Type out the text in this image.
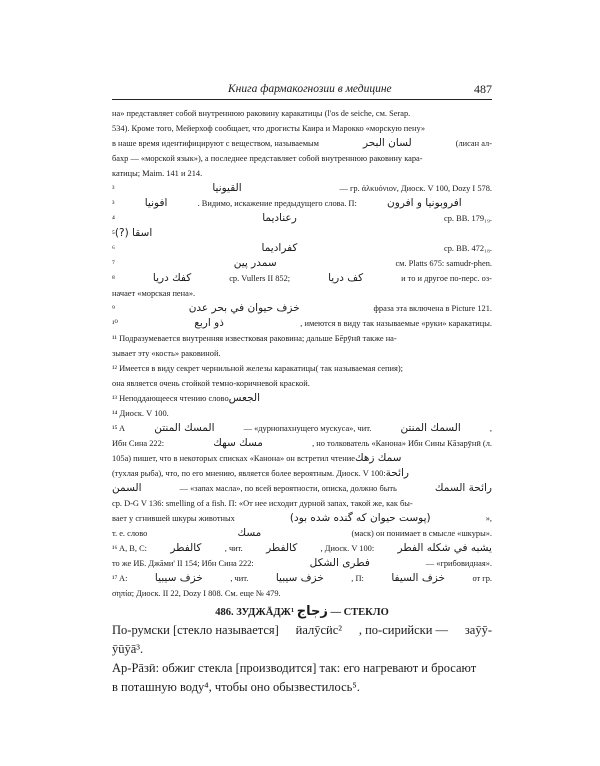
Книга фармакогнозии в медицине	487
на» представляет собой внутреннюю раковину каракатицы (l'os de seiche, см. Serap.
534). Кроме того, Мейерхоф сообщает, что дрогисты Каира и Марокко «морскую пену»
в наше время идентифицируют с веществом, называемым	لسان البحر	(лисан ал-
бахр — «морской язык»), а последнее представляет собой внутреннюю раковину кара-
катицы; Maim. 141 и 214.
³	القيونيا	— гр. ἀλκυόνιον, Диоск. V 100, Dozy I 578.
³	افونيا	. Видимо, искажение предыдущего слова. П:	افروبونيا و افرون
⁴	رعناديما	ср. BB. 179₁₉.
⁵اسقا (?)
⁶	كفراديما	ср. BB. 472₁₈.
⁷	سمدر پين	см. Platts 675: samudr-phen.
⁸	كفك دريا	ср. Vullers II 852;	كف دريا	и то и другое по-перс. оз-
начает «морская пена».
⁹	خزف حيوان في بحر عدن	фраза эта включена в Picture 121.
¹⁰	ذو اربع	, имеются в виду так называемые «руки» каракатицы.
¹¹ Подразумевается внутренняя известковая раковина; дальше Бēрӯнӣ также на-
зывает эту «кость» раковиной.
¹² Имеется в виду секрет чернильной железы каракатицы( так называемая сепия);
она является очень стойкой темно-коричневой краской.
¹³ Неподдающееся чтению словоالجعس
¹⁴ Диоск. V 100.
¹⁵ A	المسك المنتن	— «дурнопахнущего мускуса», чит.	السمك المنتن	,
Ибн Сина 222:	مسك سهك	, но толкователь «Канона» Ибн Сины Кāзарӯнӣ (л.
105а) пишет, что в некоторых списках «Канона» он встретил чтениеسمك زهك
(тухлая рыба), что, по его мнению, является более вероятным. Диоск. V 100:رائحة
السمن	— «запах масла», по всей вероятности, описка, должно быть	رائحة السمك
ср. D-G V 136: smelling of a fish. П: «От нее исходит дурной запах, такой же, как бы-
вает у сгнившей шкуры животных	(پوست حيوان كه گنده شده بود)	»,
т. е. слово	مسك	(маск) он понимает в смысле «шкуры».
¹⁶ A, B, C: كالفطر	, чит. كالفطر	, Диоск. V 100: يشبه في شكله الفطر
то же ИБ. Джāми' II 154; Ибн Сина 222:	فطرى الشكل	— «грибовидная».
¹⁷ A:	خزف سيبيا	, чит.	خزف سيبيا	, П:	خزف السيفا	от гр.
σηπία; Диоск. II 22, Dozy I 808. См. еще № 479.
486. ЗУДЖĀДЖ¹ زجاج — СТЕКЛО
По-румски [стекло называется] ӥалӯсӥс² , по-сирийски — заӯӯ-
ӯūӯā³.
Ар-Рāзӣ: обжиг стекла [производится] так: его нагревают и бросают
в поташную воду⁴, чтобы оно обызвестилось⁵.
